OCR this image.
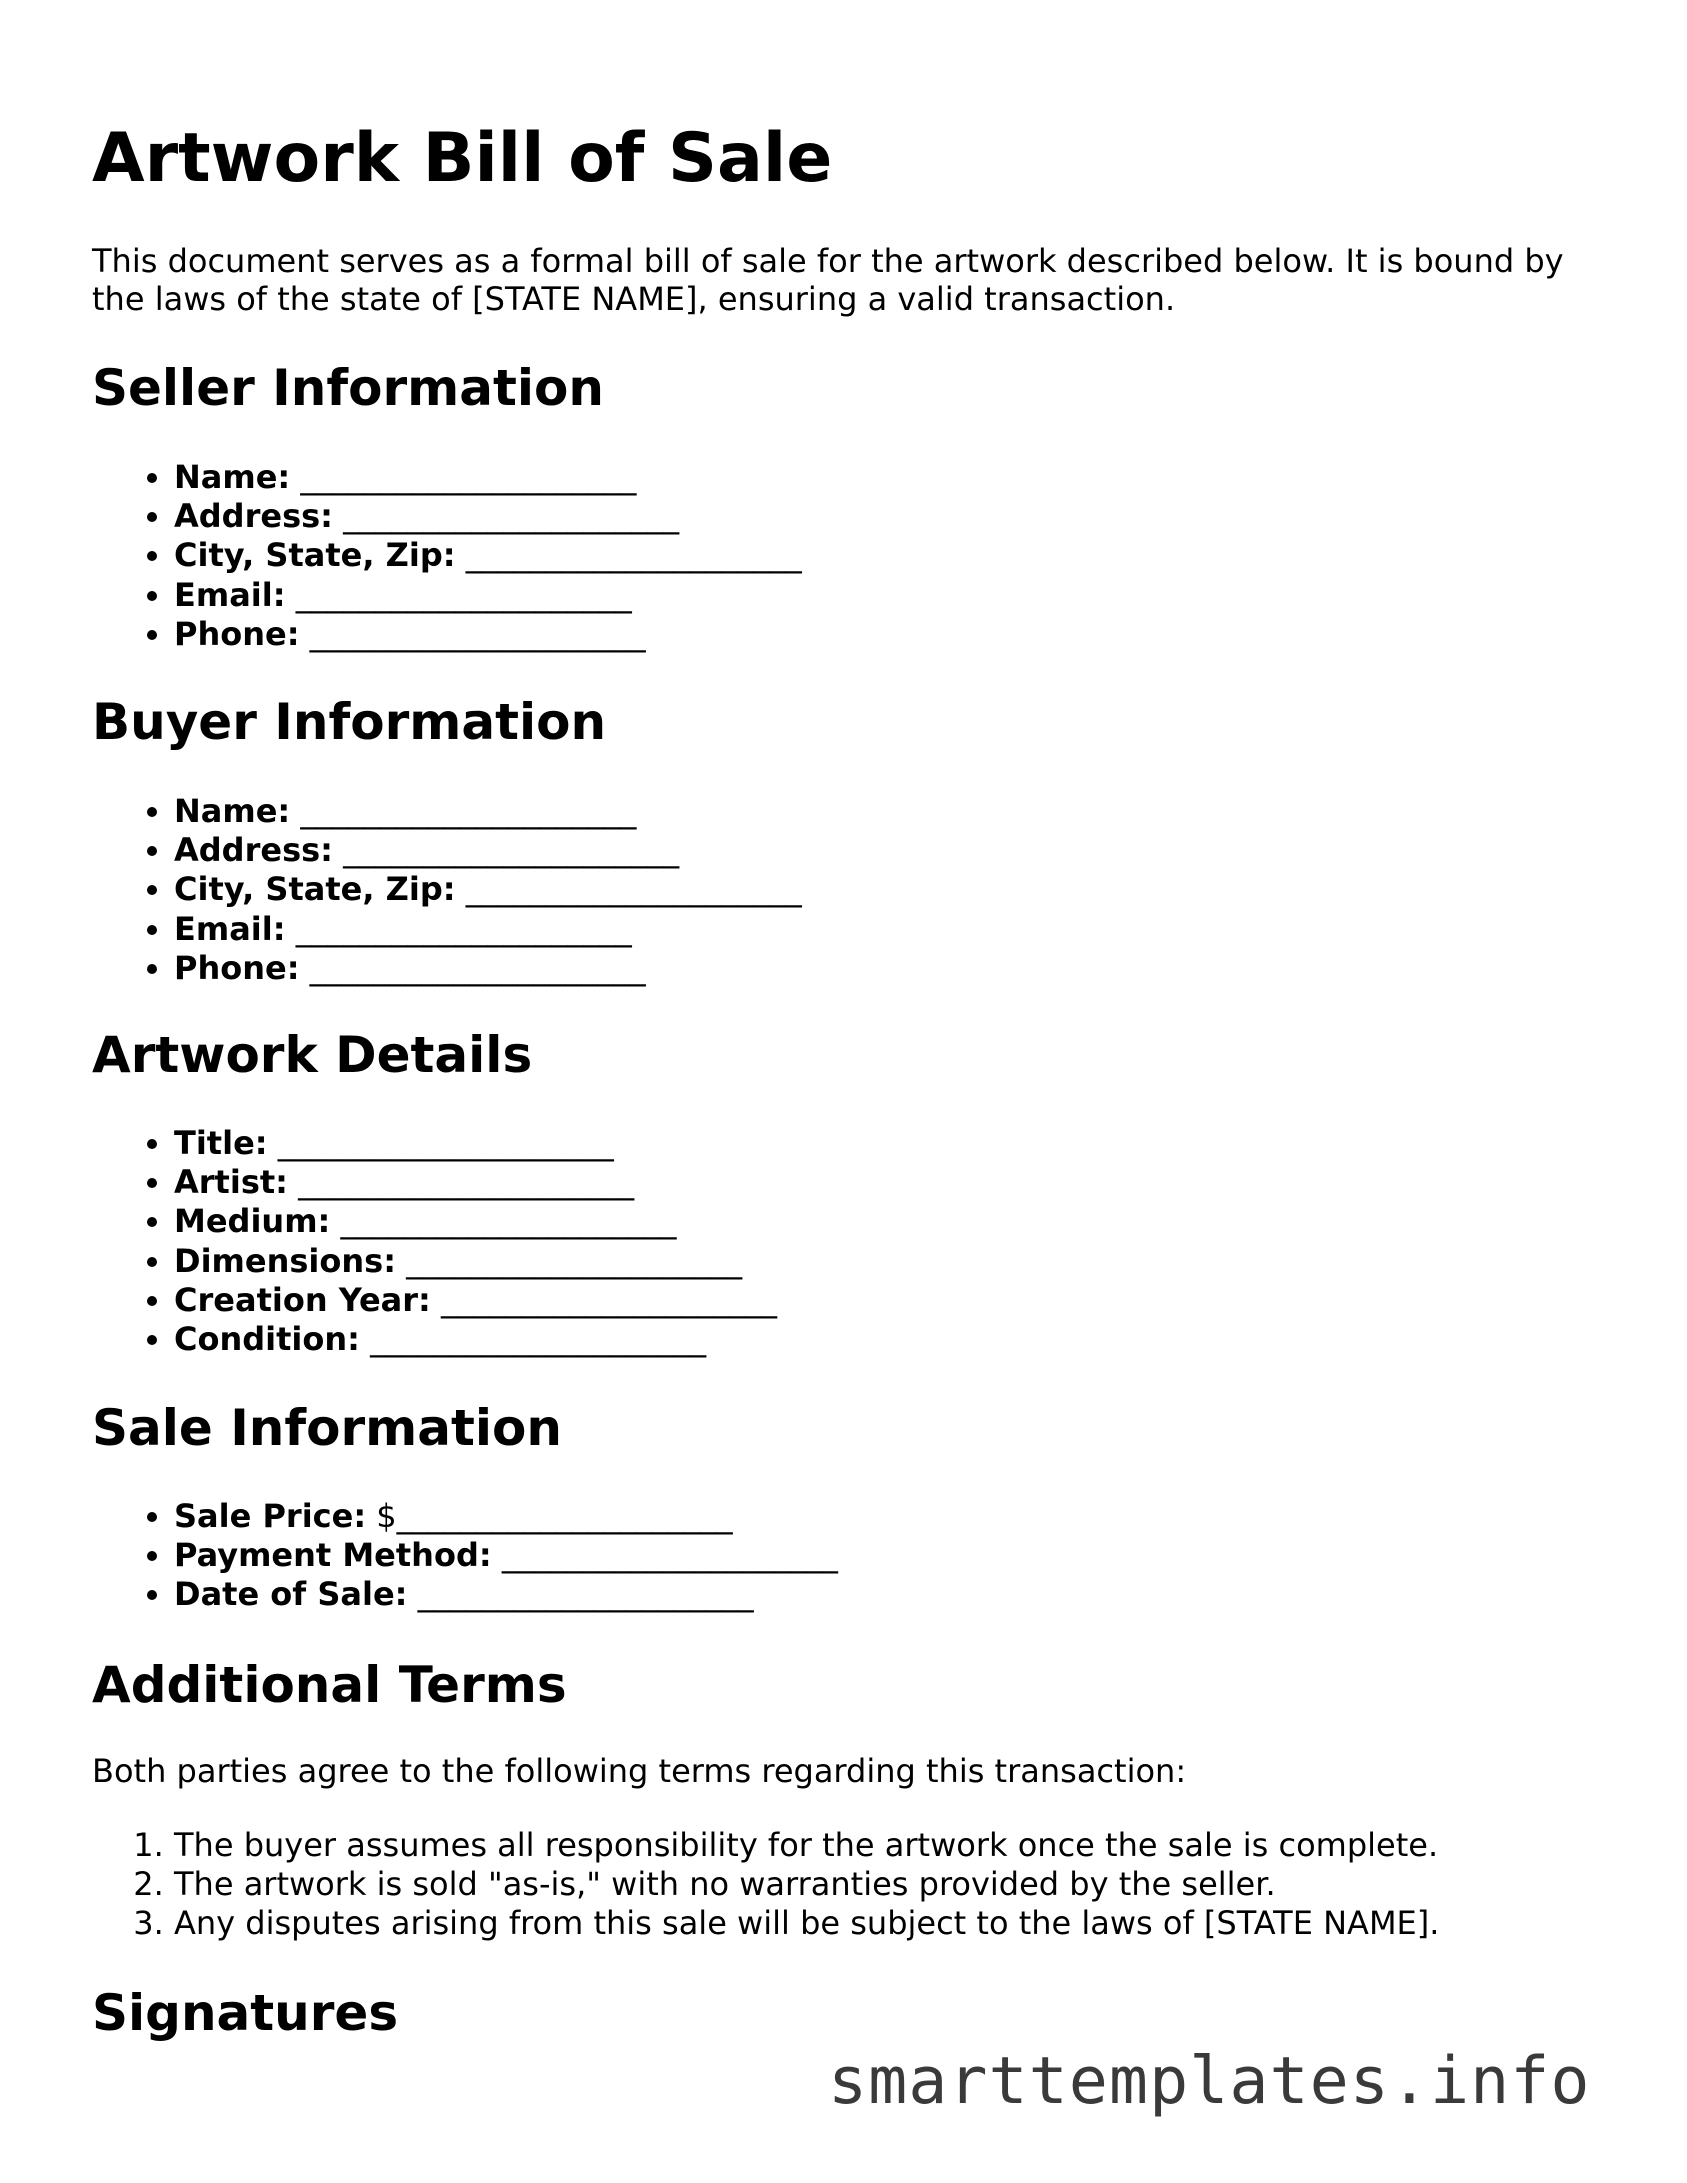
Artwork Bill of Sale

This document serves as a formal bill of sale for the artwork described below. It is bound by the laws of the state of [STATE NAME], ensuring a valid transaction.

Seller Information
• Name: _____________________
• Address: _____________________
• City, State, Zip: _____________________
• Email: _____________________
• Phone: _____________________
Buyer Information
• Name: _____________________
• Address: _____________________
• City, State, Zip: _____________________
• Email: _____________________
• Phone: _____________________
Artwork Details
• Title: _____________________
• Artist: _____________________
• Medium: _____________________
• Dimensions: _____________________
• Creation Year: _____________________
• Condition: _____________________
Sale Information
• Sale Price: $_____________________
• Payment Method: _____________________
• Date of Sale: _____________________
Additional Terms

Both parties agree to the following terms regarding this transaction:

1. The buyer assumes all responsibility for the artwork once the sale is complete.
2. The artwork is sold "as-is," with no warranties provided by the seller.
3. Any disputes arising from this sale will be subject to the laws of [STATE NAME].
Signatures
smarttemplates.info
